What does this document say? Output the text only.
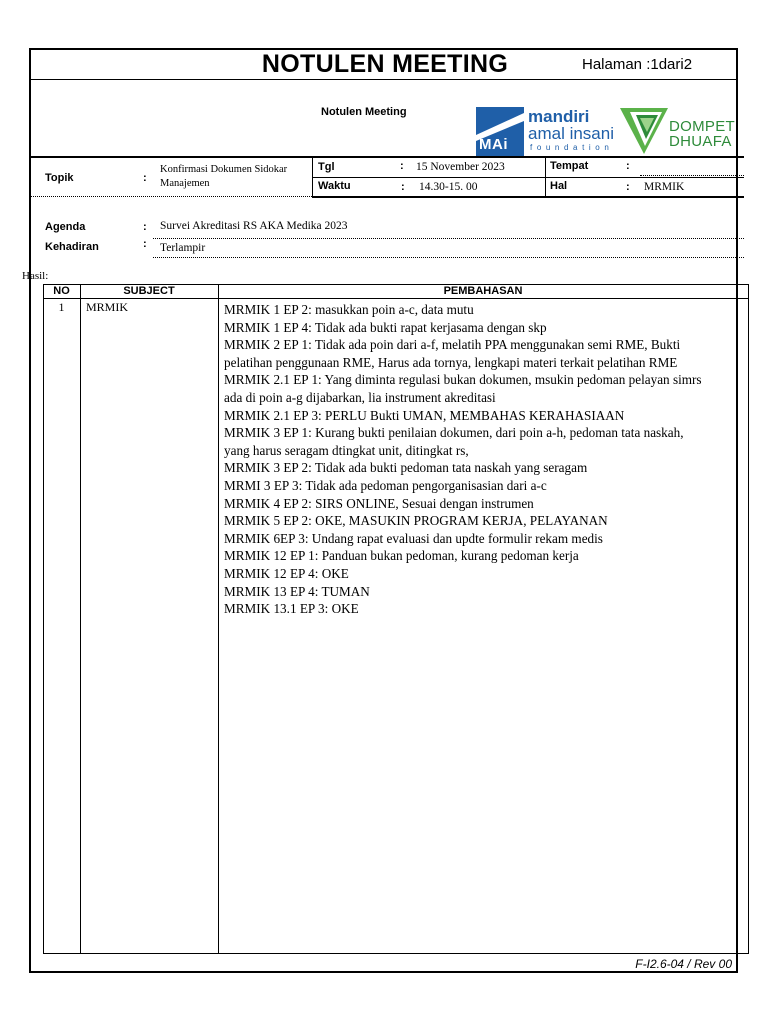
NOTULEN MEETING	Halaman :1dari2
Notulen Meeting
MAi
mandiri
amal insani
foundation
DOMPET
DHUAFA
Topik	:
Konfirmasi Dokumen Sidokar
Manajemen
Tgl	: 15 November 2023
Waktu	: 14.30-15. 00
Tempat	:
Hal	: MRMIK
Agenda	: Survei Akreditasi RS AKA Medika 2023
Kehadiran	: Terlampir
Hasil:
NO	SUBJECT	PEMBAHASAN
1	MRMIK	MRMIK 1 EP 2: masukkan poin a-c, data mutu
MRMIK 1 EP 4: Tidak ada bukti rapat kerjasama dengan skp
MRMIK 2 EP 1: Tidak ada poin dari a-f, melatih PPA menggunakan semi RME, Bukti
pelatihan penggunaan RME, Harus ada tornya, lengkapi materi terkait pelatihan RME
MRMIK 2.1 EP 1: Yang diminta regulasi bukan dokumen, msukin pedoman pelayan simrs
ada di poin a-g dijabarkan, lia instrument akreditasi
MRMIK 2.1 EP 3: PERLU Bukti UMAN, MEMBAHAS KERAHASIAAN
MRMIK 3 EP 1: Kurang bukti penilaian dokumen, dari poin a-h, pedoman tata naskah,
yang harus seragam dtingkat unit, ditingkat rs,
MRMIK 3 EP 2: Tidak ada bukti pedoman tata naskah yang seragam
MRMI 3 EP 3: Tidak ada pedoman pengorganisasian dari a-c
MRMIK 4 EP 2: SIRS ONLINE, Sesuai dengan instrumen
MRMIK 5 EP 2: OKE, MASUKIN PROGRAM KERJA, PELAYANAN
MRMIK 6EP 3: Undang rapat evaluasi dan updte formulir rekam medis
MRMIK 12 EP 1: Panduan bukan pedoman, kurang pedoman kerja
MRMIK 12 EP 4: OKE
MRMIK 13 EP 4: TUMAN
MRMIK 13.1 EP 3: OKE
F-I2.6-04 / Rev 00
